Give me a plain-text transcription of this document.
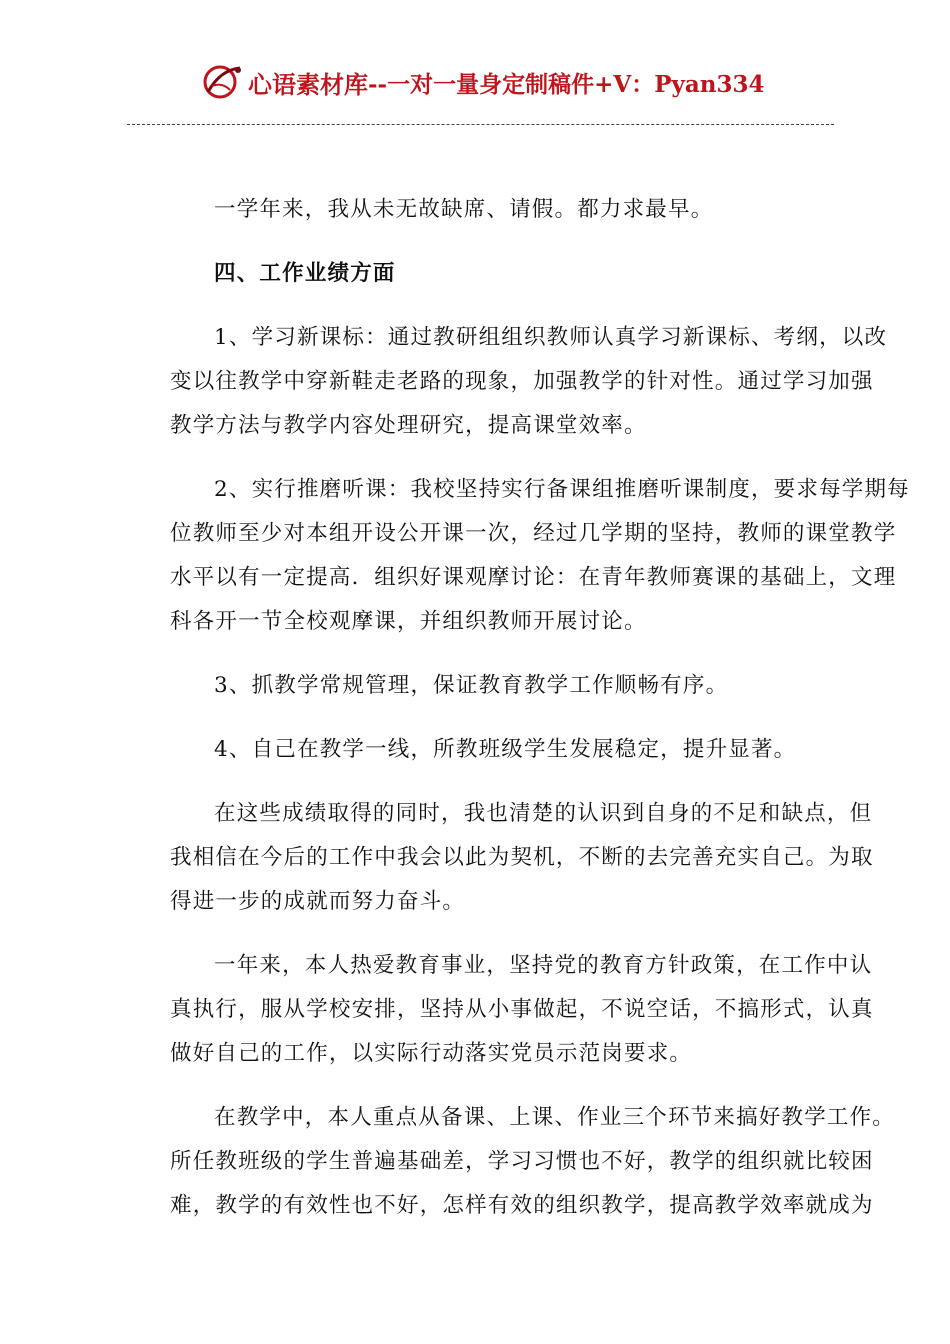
心语素材库 --一对一量身定制稿件+V：Pyan334
一学年来，我从未无故缺席、请假。都力求最早。
四、工作业绩方面
1、学习新课标：通过教研组组织教师认真学习新课标、考纲，以改
变以往教学中穿新鞋走老路的现象，加强教学的针对性。通过学习加强
教学方法与教学内容处理研究，提高课堂效率。
2、实行推磨听课：我校坚持实行备课组推磨听课制度，要求每学期每
位教师至少对本组开设公开课一次，经过几学期的坚持，教师的课堂教学
水平以有一定提高．组织好课观摩讨论：在青年教师赛课的基础上，文理
科各开一节全校观摩课，并组织教师开展讨论。
3、抓教学常规管理，保证教育教学工作顺畅有序。
4、自己在教学一线，所教班级学生发展稳定，提升显著。
在这些成绩取得的同时，我也清楚的认识到自身的不足和缺点，但
我相信在今后的工作中我会以此为契机，不断的去完善充实自己。为取
得进一步的成就而努力奋斗。
一年来，本人热爱教育事业，坚持党的教育方针政策，在工作中认
真执行，服从学校安排，坚持从小事做起，不说空话，不搞形式，认真
做好自己的工作，以实际行动落实党员示范岗要求。
在教学中，本人重点从备课、上课、作业三个环节来搞好教学工作。
所任教班级的学生普遍基础差，学习习惯也不好，教学的组织就比较困
难，教学的有效性也不好，怎样有效的组织教学，提高教学效率就成为
